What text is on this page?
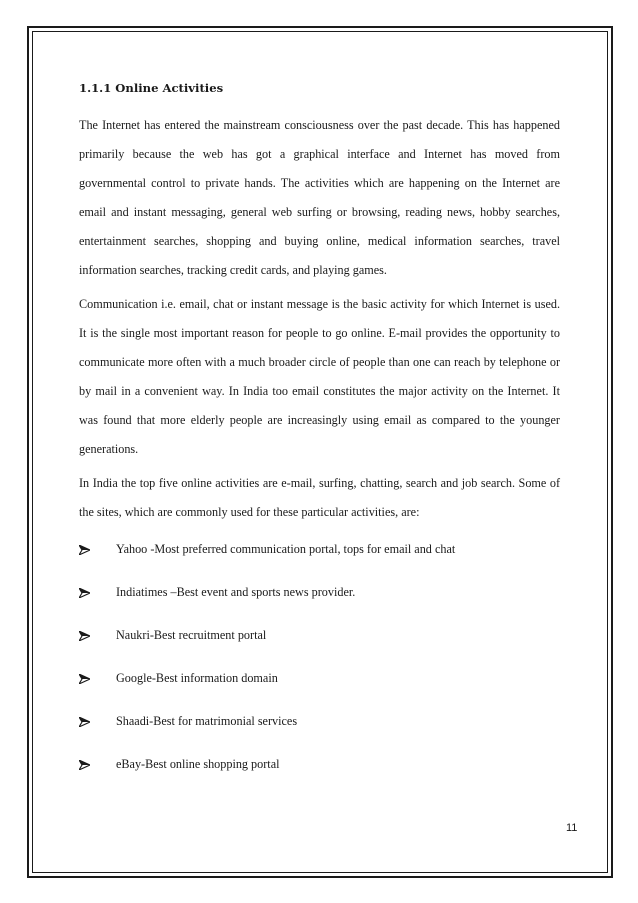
1.1.1 Online Activities

The Internet has entered the mainstream consciousness over the past decade. This has happened primarily because the web has got a graphical interface and Internet has moved from governmental control to private hands. The activities which are happening on the Internet are email and instant messaging, general web surfing or browsing, reading news, hobby searches, entertainment searches, shopping and buying online, medical information searches, travel information searches, tracking credit cards, and playing games.

Communication i.e. email, chat or instant message is the basic activity for which Internet is used. It is the single most important reason for people to go online. E-mail provides the opportunity to communicate more often with a much broader circle of people than one can reach by telephone or by mail in a convenient way. In India too email constitutes the major activity on the Internet. It was found that more elderly people are increasingly using email as compared to the younger generations.

In India the top five online activities are e-mail, surfing, chatting, search and job search. Some of the sites, which are commonly used for these particular activities, are:

Yahoo -Most preferred communication portal, tops for email and chat
Indiatimes –Best event and sports news provider.
Naukri-Best recruitment portal
Google-Best information domain
Shaadi-Best for matrimonial services
eBay-Best online shopping portal
11
